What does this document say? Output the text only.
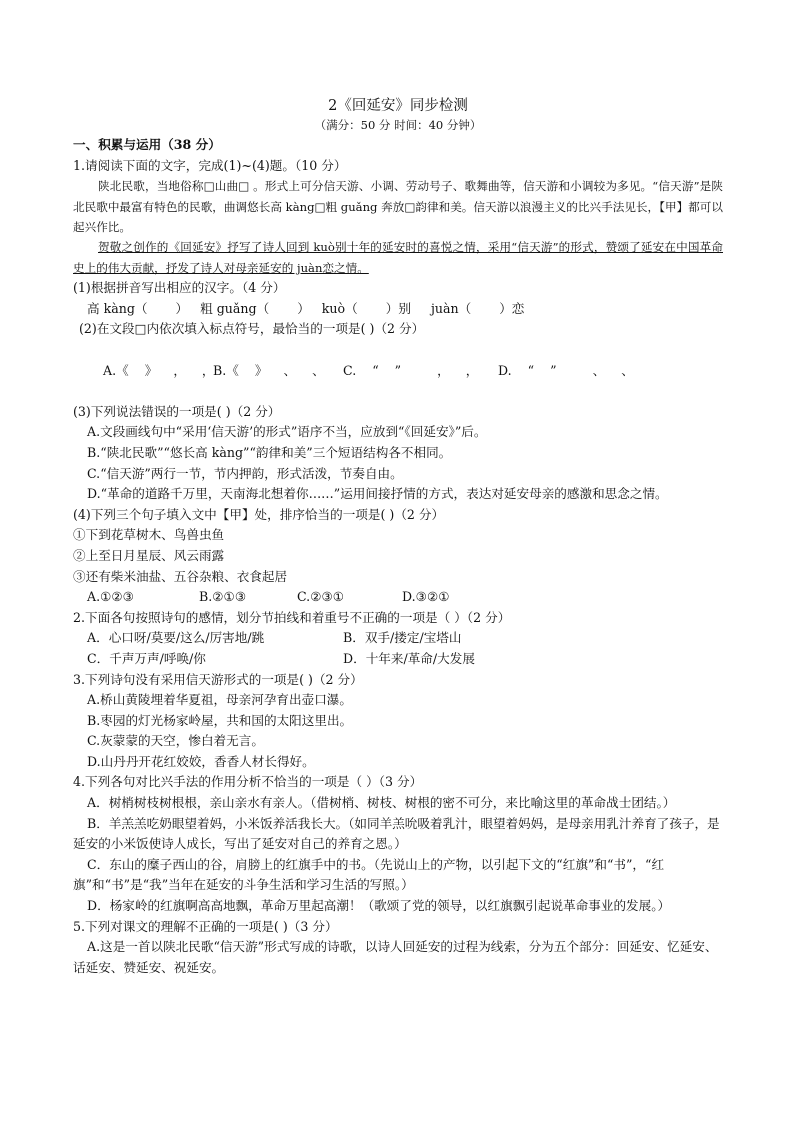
2《回延安》同步检测
（满分：50 分 时间：40 分钟）
一、积累与运用（38 分）
1.请阅读下面的文字，完成(1)~(4)题。（10 分）
陕北民歌，当地俗称□山曲□ 。形式上可分信天游、小调、劳动号子、歌舞曲等，信天游和小调较为多见。“信天游”是陕北民歌中最富有特色的民歌，曲调悠长高 kàng□粗 guǎng 奔放□韵律和美。信天游以浪漫主义的比兴手法见长，【甲】都可以起兴作比。
贺敬之创作的《回延安》抒写了诗人回到 kuò别十年的延安时的喜悦之情，采用“信天游”的形式，赞颂了延安在中国革命史上的伟大贡献，抒发了诗人对母亲延安的 juàn恋之情。
(1)根据拼音写出相应的汉字。（4 分）
高 kàng（       ）   粗 guǎng（       ）   kuò（       ）别     juàn（       ）恋
(2)在文段□内依次填入标点符号，最恰当的一项是( )（2 分）

A.《    》    ，    ，B.《    》    、    、 C.    “    ”         ，    ， D.    “    ”         、    、

(3)下列说法错误的一项是( )（2 分）
A.文段画线句中“采用‘信天游’的形式”语序不当，应放到“《回延安》”后。
B.“陕北民歌”“悠长高 kàng”“韵律和美”三个短语结构各不相同。
C.“信天游”两行一节，节内押韵，形式活泼，节奏自由。
D.“革命的道路千万里，天南海北想着你……”运用间接抒情的方式，表达对延安母亲的感激和思念之情。
(4)下列三个句子填入文中【甲】处，排序恰当的一项是( )（2 分）
①下到花草树木、鸟兽虫鱼
②上至日月星辰、风云雨露
③还有柴米油盐、五谷杂粮、衣食起居
A.①②③	B.②①③	C.②③①	D.③②①
2.下面各句按照诗句的感情，划分节拍线和着重号不正确的一项是（ ）（2 分）
A．心口呀/莫要/这么/厉害地/跳	B．双手/搂定/宝塔山
C．千声万声/呼唤/你	D．十年来/革命/大发展
3.下列诗句没有采用信天游形式的一项是( )（2 分）
A.桥山黄陵埋着华夏祖，母亲河孕育出壶口瀑。
B.枣园的灯光杨家岭屋，共和国的太阳这里出。
C.灰蒙蒙的天空，惨白着无言。
D.山丹丹开花红姣姣，香香人材长得好。
4.下列各句对比兴手法的作用分析不恰当的一项是（ ）（3 分）
A．树梢树枝树根根，亲山亲水有亲人。（借树梢、树枝、树根的密不可分，来比喻这里的革命战士团结。）
B．羊羔羔吃奶眼望着妈，小米饭养活我长大。（如同羊羔吮吸着乳汁，眼望着妈妈，是母亲用乳汁养育了孩子，是延安的小米饭使诗人成长，写出了延安对自己的养育之恩。）
C．东山的糜子西山的谷，肩膀上的红旗手中的书。（先说山上的产物，以引起下文的“红旗”和“书”，“红旗”和“书”是“我”当年在延安的斗争生活和学习生活的写照。）
D．杨家岭的红旗啊高高地飘，革命万里起高潮！（歌颂了党的领导，以红旗飘引起说革命事业的发展。）
5.下列对课文的理解不正确的一项是( )（3 分）
A.这是一首以陕北民歌“信天游”形式写成的诗歌，以诗人回延安的过程为线索，分为五个部分：回延安、忆延安、话延安、赞延安、祝延安。
